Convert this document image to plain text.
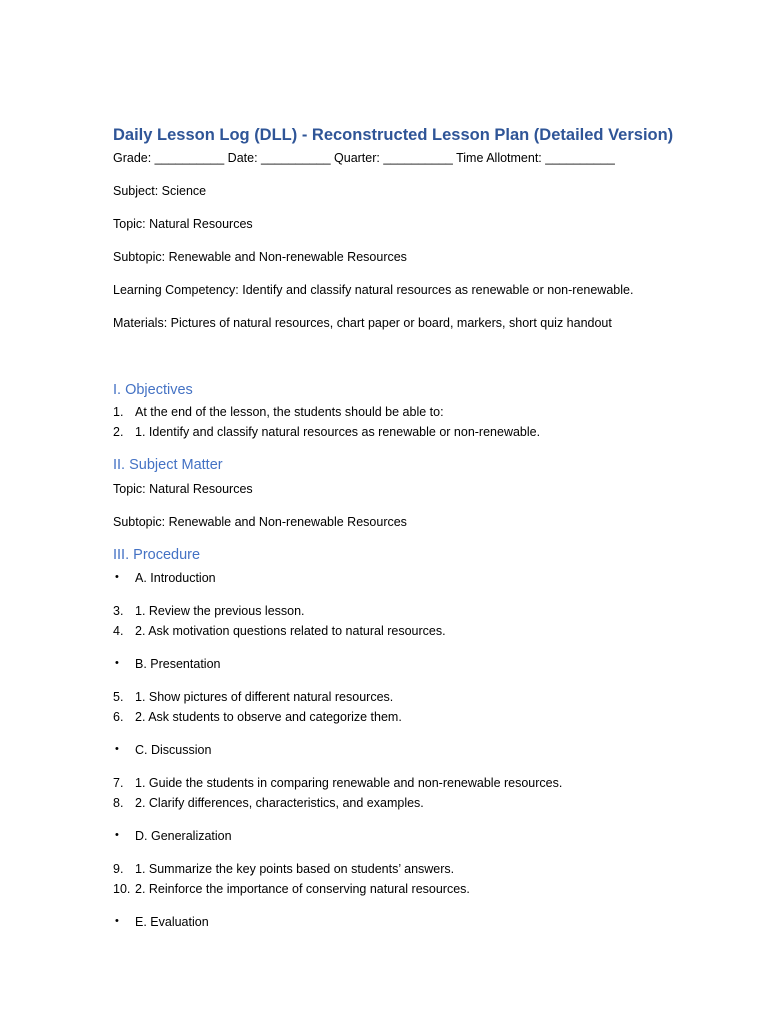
Daily Lesson Log (DLL) - Reconstructed Lesson Plan (Detailed Version)

Grade: __________ Date: __________ Quarter: __________ Time Allotment: __________

Subject: Science

Topic: Natural Resources

Subtopic: Renewable and Non-renewable Resources

Learning Competency: Identify and classify natural resources as renewable or non-renewable.

Materials: Pictures of natural resources, chart paper or board, markers, short quiz handout

I. Objectives
1. At the end of the lesson, the students should be able to:
2. 1. Identify and classify natural resources as renewable or non-renewable.
II. Subject Matter

Topic: Natural Resources

Subtopic: Renewable and Non-renewable Resources

III. Procedure
• A. Introduction
3. 1. Review the previous lesson.
4. 2. Ask motivation questions related to natural resources.
• B. Presentation
5. 1. Show pictures of different natural resources.
6. 2. Ask students to observe and categorize them.
• C. Discussion
7. 1. Guide the students in comparing renewable and non-renewable resources.
8. 2. Clarify differences, characteristics, and examples.
• D. Generalization
9. 1. Summarize the key points based on students’ answers.
10. 2. Reinforce the importance of conserving natural resources.
• E. Evaluation
